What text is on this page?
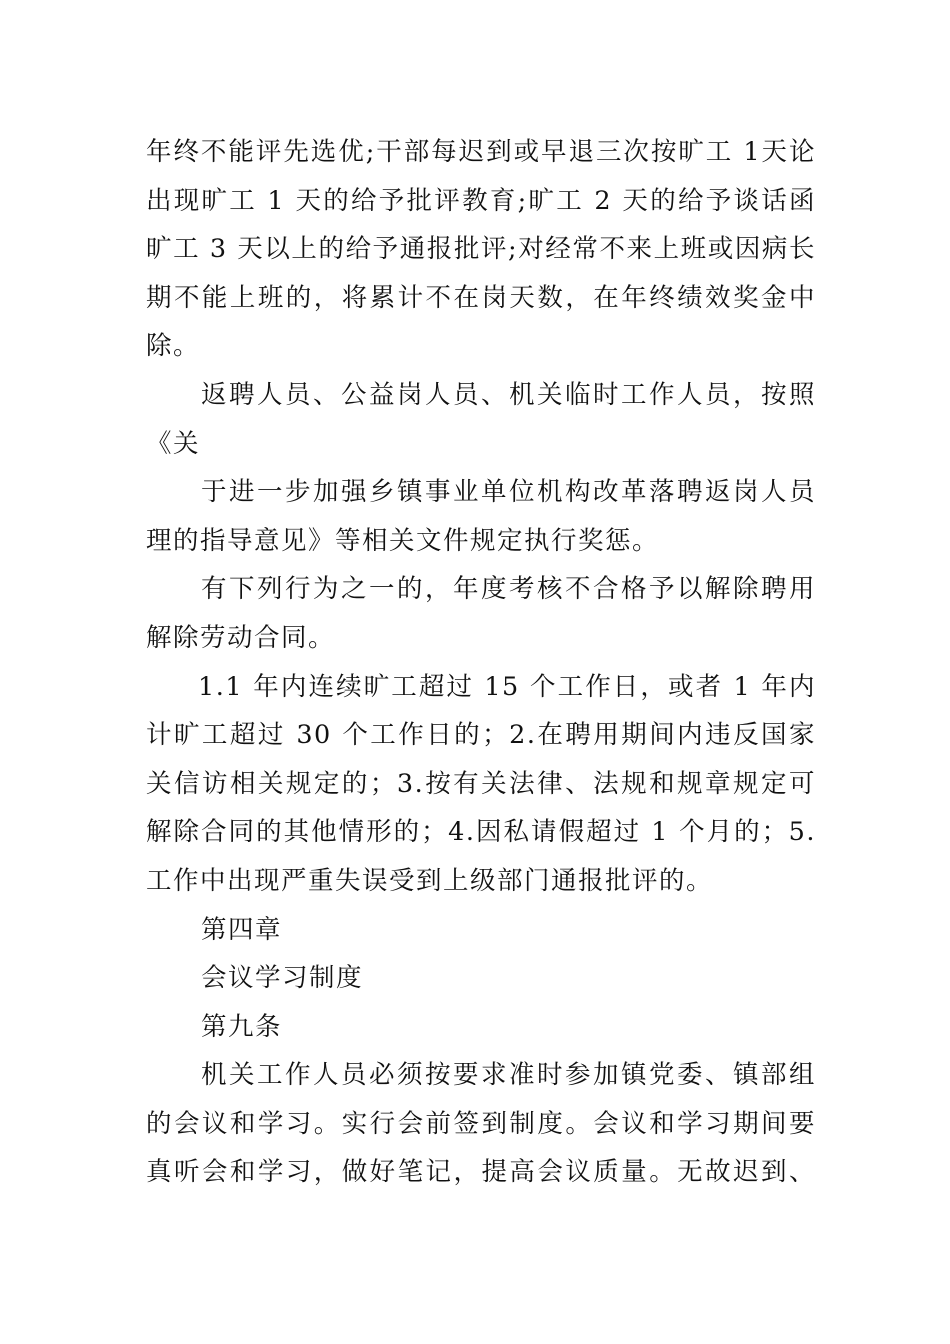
年终不能评先选优;干部每迟到或早退三次按旷工 1天论
出现旷工 1 天的给予批评教育;旷工 2 天的给予谈话函
旷工 3 天以上的给予通报批评;对经常不来上班或因病长
期不能上班的，将累计不在岗天数，在年终绩效奖金中
除。
返聘人员、公益岗人员、机关临时工作人员，按照
《关
于进一步加强乡镇事业单位机构改革落聘返岗人员
理的指导意见》等相关文件规定执行奖惩。
有下列行为之一的，年度考核不合格予以解除聘用
解除劳动合同。
1.1 年内连续旷工超过 15 个工作日，或者 1 年内
计旷工超过 30 个工作日的；2.在聘用期间内违反国家
关信访相关规定的；3.按有关法律、法规和规章规定可
解除合同的其他情形的；4.因私请假超过 1 个月的；5.
工作中出现严重失误受到上级部门通报批评的。
第四章
会议学习制度
第九条
机关工作人员必须按要求准时参加镇党委、镇部组
的会议和学习。实行会前签到制度。会议和学习期间要
真听会和学习，做好笔记，提高会议质量。无故迟到、
